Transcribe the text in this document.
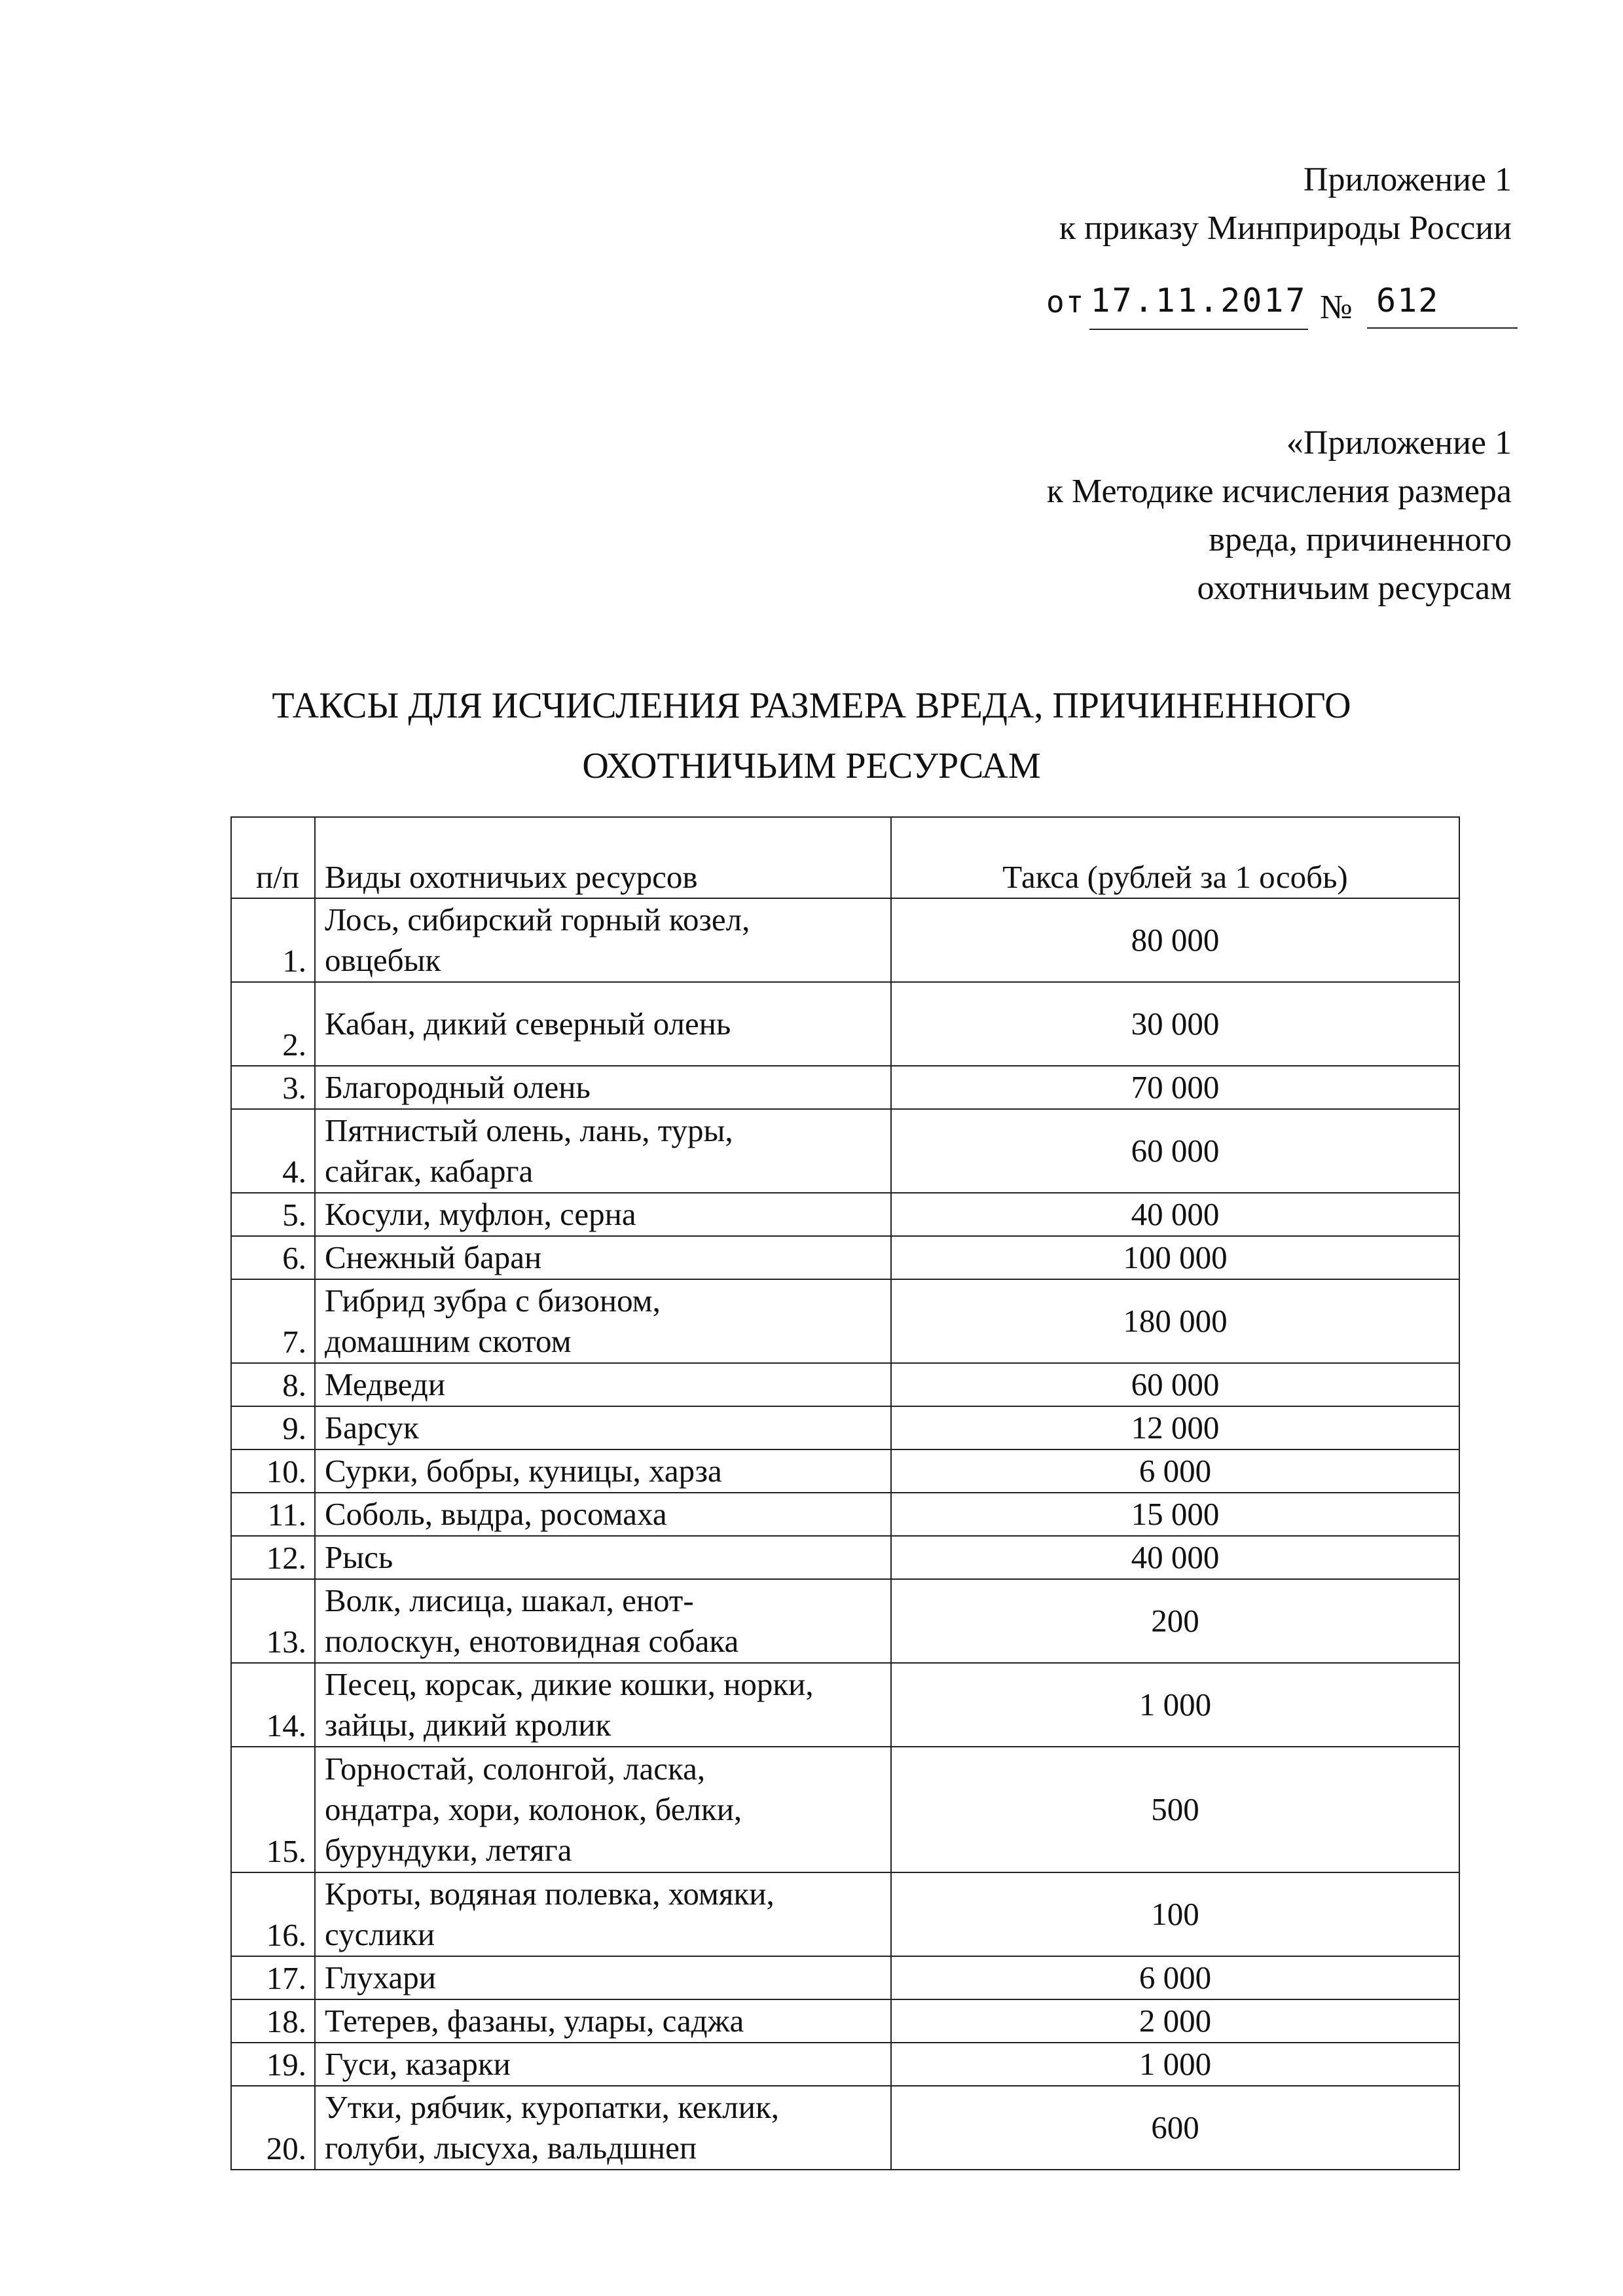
Приложение 1
к приказу Минприроды России
от 17.11.2017 № 612
«Приложение 1
к Методике исчисления размера
вреда, причиненного
охотничьим ресурсам
ТАКСЫ ДЛЯ ИСЧИСЛЕНИЯ РАЗМЕРА ВРЕДА, ПРИЧИНЕННОГО
ОХОТНИЧЬИМ РЕСУРСАМ
п/п	Виды охотничьих ресурсов	Такса (рублей за 1 особь)
1.	Лось, сибирский горный козел,
овцебык	80 000
2.	Кабан, дикий северный олень	30 000
3.	Благородный олень	70 000
4.	Пятнистый олень, лань, туры,
сайгак, кабарга	60 000
5.	Косули, муфлон, серна	40 000
6.	Снежный баран	100 000
7.	Гибрид зубра с бизоном,
домашним скотом	180 000
8.	Медведи	60 000
9.	Барсук	12 000
10.	Сурки, бобры, куницы, харза	6 000
11.	Соболь, выдра, росомаха	15 000
12.	Рысь	40 000
13.	Волк, лисица, шакал, енот-
полоскун, енотовидная собака	200
14.	Песец, корсак, дикие кошки, норки,
зайцы, дикий кролик	1 000
15.	Горностай, солонгой, ласка,
ондатра, хори, колонок, белки,
бурундуки, летяга	500
16.	Кроты, водяная полевка, хомяки,
суслики	100
17.	Глухари	6 000
18.	Тетерев, фазаны, улары, саджа	2 000
19.	Гуси, казарки	1 000
20.	Утки, рябчик, куропатки, кеклик,
голуби, лысуха, вальдшнеп	600
